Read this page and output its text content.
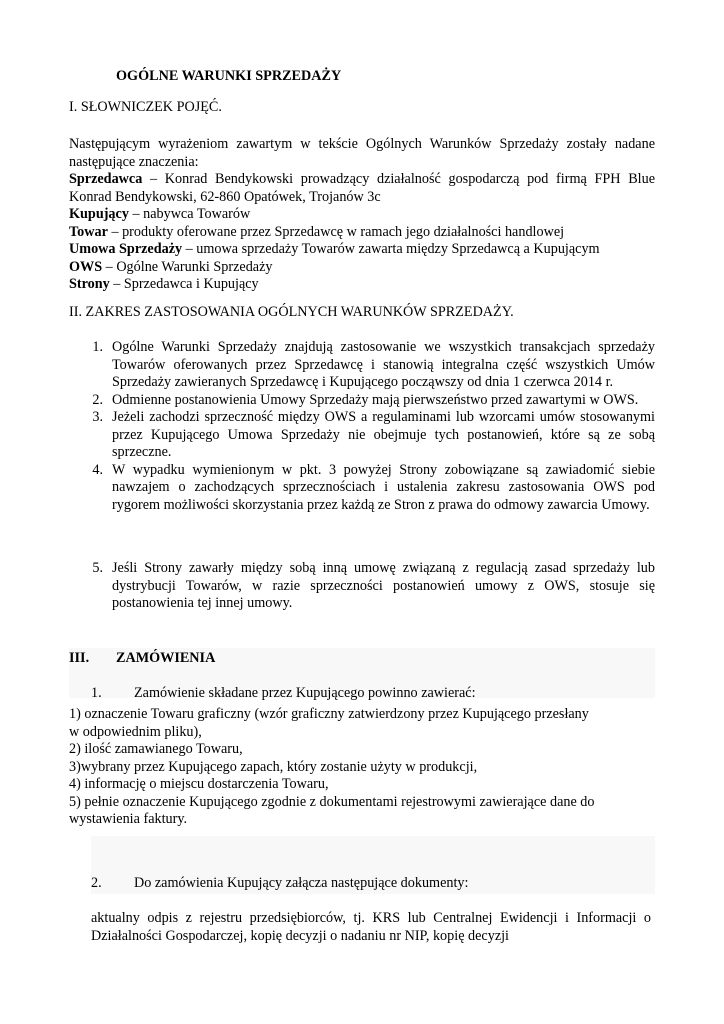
OGÓLNE WARUNKI SPRZEDAŻY
I. SŁOWNICZEK POJĘĆ.
Następującym wyrażeniom zawartym w tekście Ogólnych Warunków Sprzedaży zostały nadane następujące znaczenia:
Sprzedawca – Konrad Bendykowski prowadzący działalność gospodarczą pod firmą FPH Blue Konrad Bendykowski, 62-860 Opatówek, Trojanów 3c
Kupujący – nabywca Towarów
Towar – produkty oferowane przez Sprzedawcę w ramach jego działalności handlowej
Umowa Sprzedaży – umowa sprzedaży Towarów zawarta między Sprzedawcą a Kupującym
OWS – Ogólne Warunki Sprzedaży
Strony – Sprzedawca i Kupujący
II. ZAKRES ZASTOSOWANIA OGÓLNYCH WARUNKÓW SPRZEDAŻY.
1. Ogólne Warunki Sprzedaży znajdują zastosowanie we wszystkich transakcjach sprzedaży Towarów oferowanych przez Sprzedawcę i stanowią integralna część wszystkich Umów Sprzedaży zawieranych Sprzedawcę i Kupującego począwszy od dnia 1 czerwca 2014 r.
2. Odmienne postanowienia Umowy Sprzedaży mają pierwszeństwo przed zawartymi w OWS.
3. Jeżeli zachodzi sprzeczność między OWS a regulaminami lub wzorcami umów stosowanymi przez Kupującego Umowa Sprzedaży nie obejmuje tych postanowień, które są ze sobą sprzeczne.
4. W wypadku wymienionym w pkt. 3 powyżej Strony zobowiązane są zawiadomić siebie nawzajem o zachodzących sprzecznościach i ustalenia zakresu zastosowania OWS pod rygorem możliwości skorzystania przez każdą ze Stron z prawa do odmowy zawarcia Umowy.
5. Jeśli Strony zawarły między sobą inną umowę związaną z regulacją zasad sprzedaży lub dystrybucji Towarów, w razie sprzeczności postanowień umowy z OWS, stosuje się postanowienia tej innej umowy.
III. ZAMÓWIENIA
1. Zamówienie składane przez Kupującego powinno zawierać:
1) oznaczenie Towaru graficzny (wzór graficzny zatwierdzony przez Kupującego przesłany
w odpowiednim pliku),
2) ilość zamawianego Towaru,
3)wybrany przez Kupującego zapach, który zostanie użyty w produkcji,
4) informację o miejscu dostarczenia Towaru,
5) pełnie oznaczenie Kupującego zgodnie z dokumentami rejestrowymi zawierające dane do
wystawienia faktury.
2. Do zamówienia Kupujący załącza następujące dokumenty:
aktualny odpis z rejestru przedsiębiorców, tj. KRS lub Centralnej Ewidencji i Informacji o Działalności Gospodarczej, kopię decyzji o nadaniu nr NIP, kopię decyzji
